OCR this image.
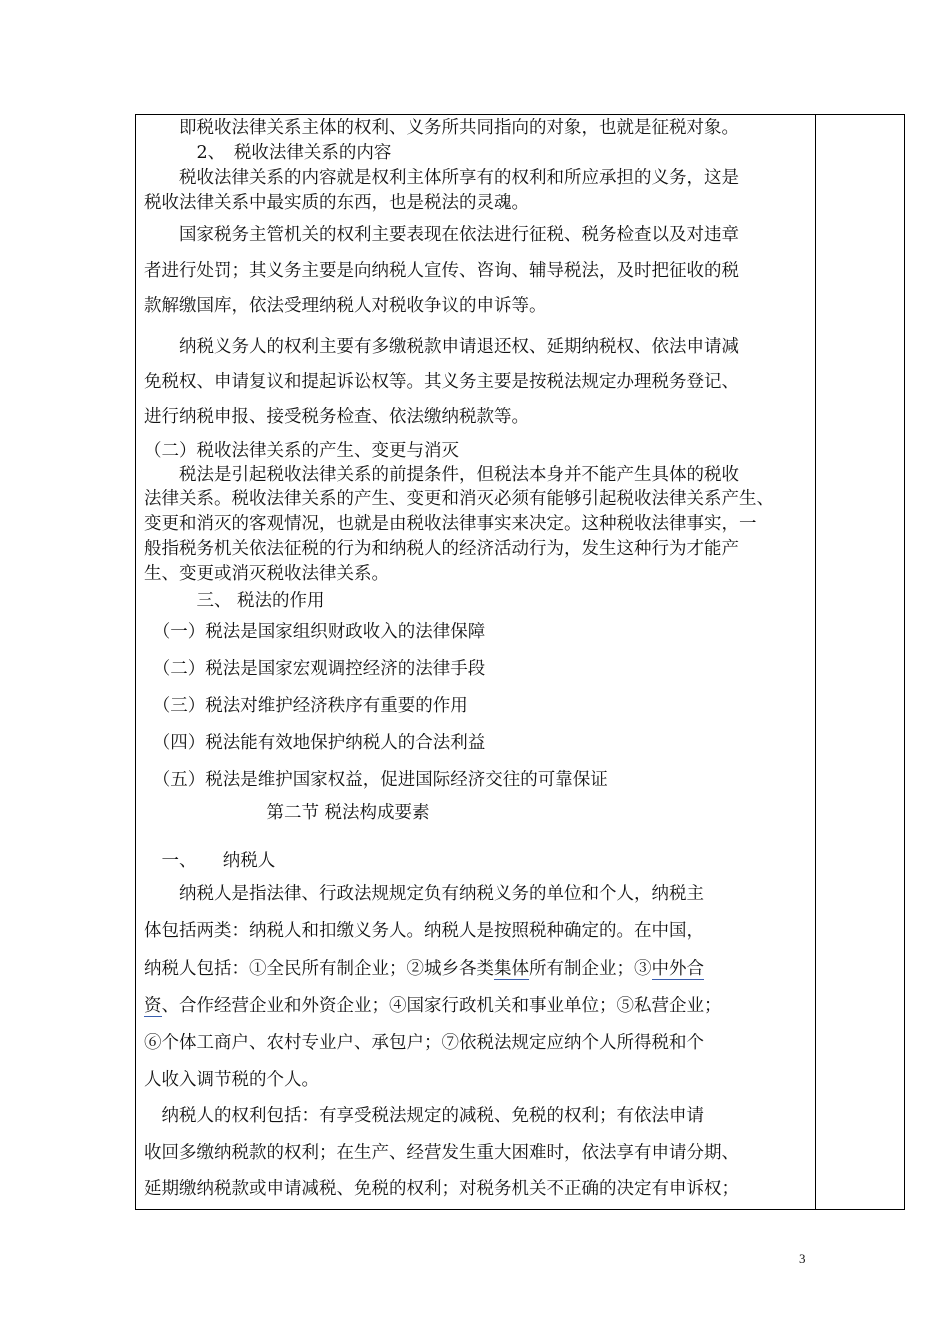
　　即税收法律关系主体的权利、义务所共同指向的对象，也就是征税对象。
　　　2、　税收法律关系的内容
　　税收法律关系的内容就是权利主体所享有的权利和所应承担的义务，这是
税收法律关系中最实质的东西，也是税法的灵魂。
　　国家税务主管机关的权利主要表现在依法进行征税、税务检查以及对违章
者进行处罚；其义务主要是向纳税人宣传、咨询、辅导税法，及时把征收的税
款解缴国库，依法受理纳税人对税收争议的申诉等。
　　纳税义务人的权利主要有多缴税款申请退还权、延期纳税权、依法申请减
免税权、申请复议和提起诉讼权等。其义务主要是按税法规定办理税务登记、
进行纳税申报、接受税务检查、依法缴纳税款等。
（二）税收法律关系的产生、变更与消灭
　　税法是引起税收法律关系的前提条件，但税法本身并不能产生具体的税收
法律关系。税收法律关系的产生、变更和消灭必须有能够引起税收法律关系产生、
变更和消灭的客观情况，也就是由税收法律事实来决定。这种税收法律事实，一
般指税务机关依法征税的行为和纳税人的经济活动行为，发生这种行为才能产
生、变更或消灭税收法律关系。
　　　三、 税法的作用
　（一）税法是国家组织财政收入的法律保障
　（二）税法是国家宏观调控经济的法律手段
　（三）税法对维护经济秩序有重要的作用
　（四）税法能有效地保护纳税人的合法利益
　（五）税法是维护国家权益，促进国际经济交往的可靠保证
　　　　　　　第二节 税法构成要素
　一、　　纳税人
　　纳税人是指法律、行政法规规定负有纳税义务的单位和个人，纳税主
体包括两类：纳税人和扣缴义务人。纳税人是按照税种确定的。在中国，
纳税人包括：①全民所有制企业；②城乡各类集体所有制企业；③中外合
资、合作经营企业和外资企业；④国家行政机关和事业单位；⑤私营企业；
⑥个体工商户、农村专业户、承包户；⑦依税法规定应纳个人所得税和个
人收入调节税的个人。
　纳税人的权利包括：有享受税法规定的减税、免税的权利；有依法申请
收回多缴纳税款的权利；在生产、经营发生重大困难时，依法享有申请分期、
延期缴纳税款或申请减税、免税的权利；对税务机关不正确的决定有申诉权；
3
